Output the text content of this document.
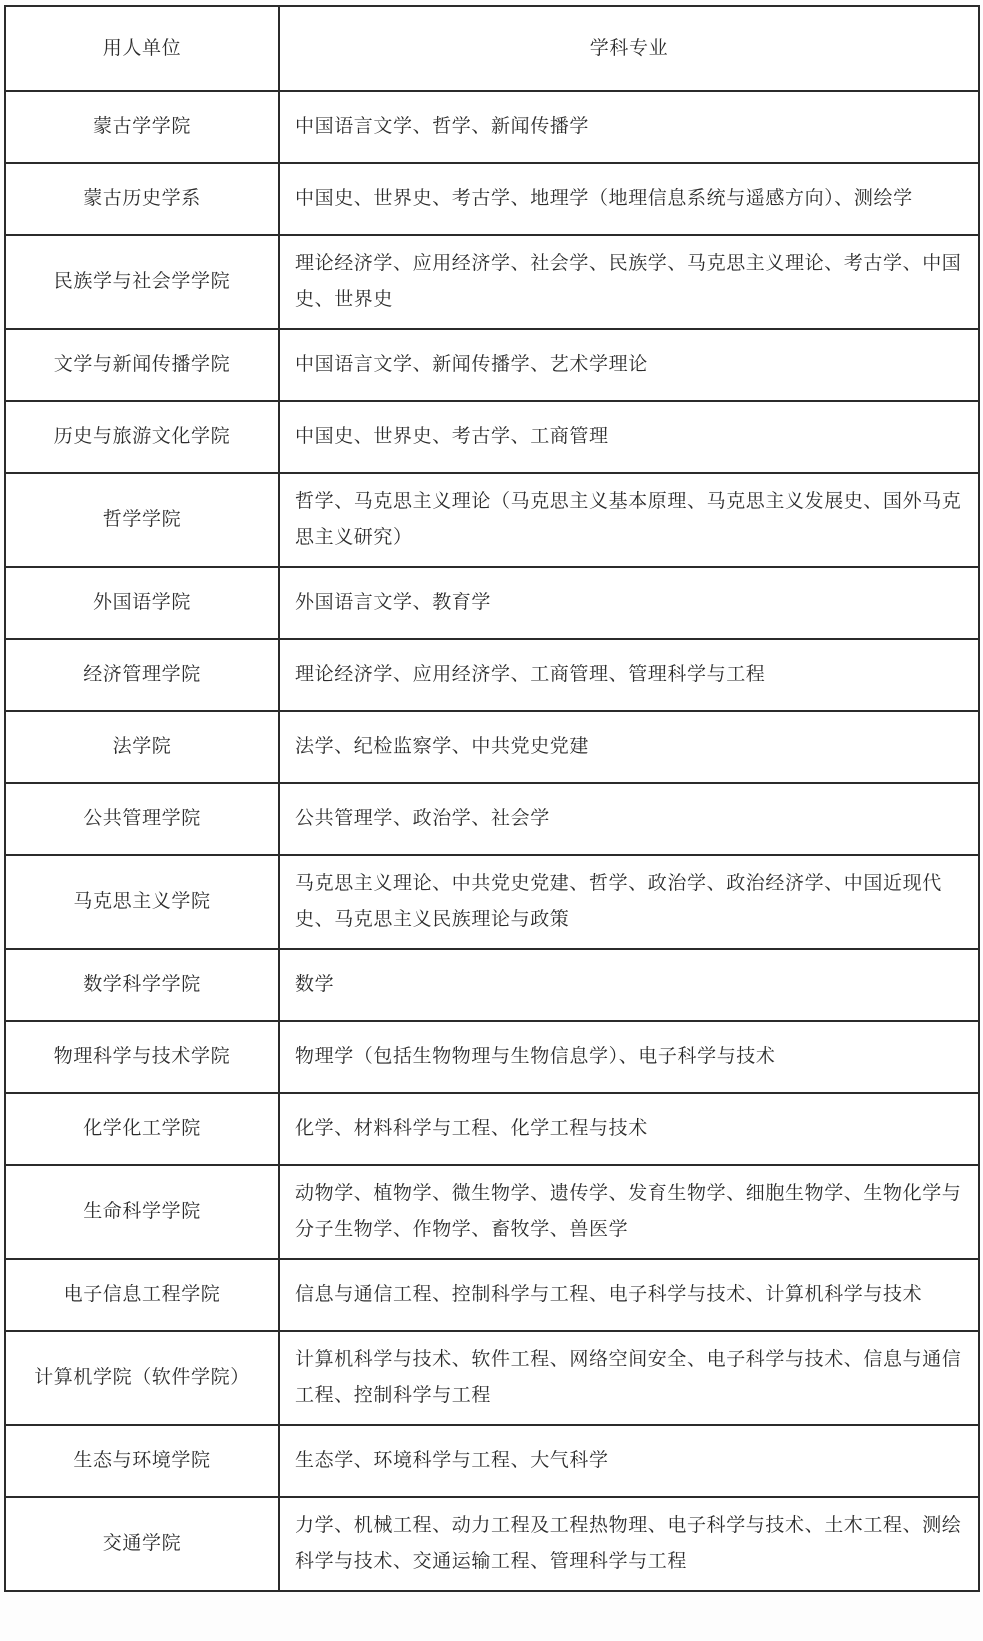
用人单位	学科专业
蒙古学学院	中国语言文学、哲学、新闻传播学
蒙古历史学系	中国史、世界史、考古学、地理学（地理信息系统与遥感方向）、测绘学
民族学与社会学学院	理论经济学、应用经济学、社会学、民族学、马克思主义理论、考古学、中国史、世界史
文学与新闻传播学院	中国语言文学、新闻传播学、艺术学理论
历史与旅游文化学院	中国史、世界史、考古学、工商管理
哲学学院	哲学、马克思主义理论（马克思主义基本原理、马克思主义发展史、国外马克思主义研究）
外国语学院	外国语言文学、教育学
经济管理学院	理论经济学、应用经济学、工商管理、管理科学与工程
法学院	法学、纪检监察学、中共党史党建
公共管理学院	公共管理学、政治学、社会学
马克思主义学院	马克思主义理论、中共党史党建、哲学、政治学、政治经济学、中国近现代史、马克思主义民族理论与政策
数学科学学院	数学
物理科学与技术学院	物理学（包括生物物理与生物信息学）、电子科学与技术
化学化工学院	化学、材料科学与工程、化学工程与技术
生命科学学院	动物学、植物学、微生物学、遗传学、发育生物学、细胞生物学、生物化学与分子生物学、作物学、畜牧学、兽医学
电子信息工程学院	信息与通信工程、控制科学与工程、电子科学与技术、计算机科学与技术
计算机学院（软件学院）	计算机科学与技术、软件工程、网络空间安全、电子科学与技术、信息与通信工程、控制科学与工程
生态与环境学院	生态学、环境科学与工程、大气科学
交通学院	力学、机械工程、动力工程及工程热物理、电子科学与技术、土木工程、测绘科学与技术、交通运输工程、管理科学与工程
